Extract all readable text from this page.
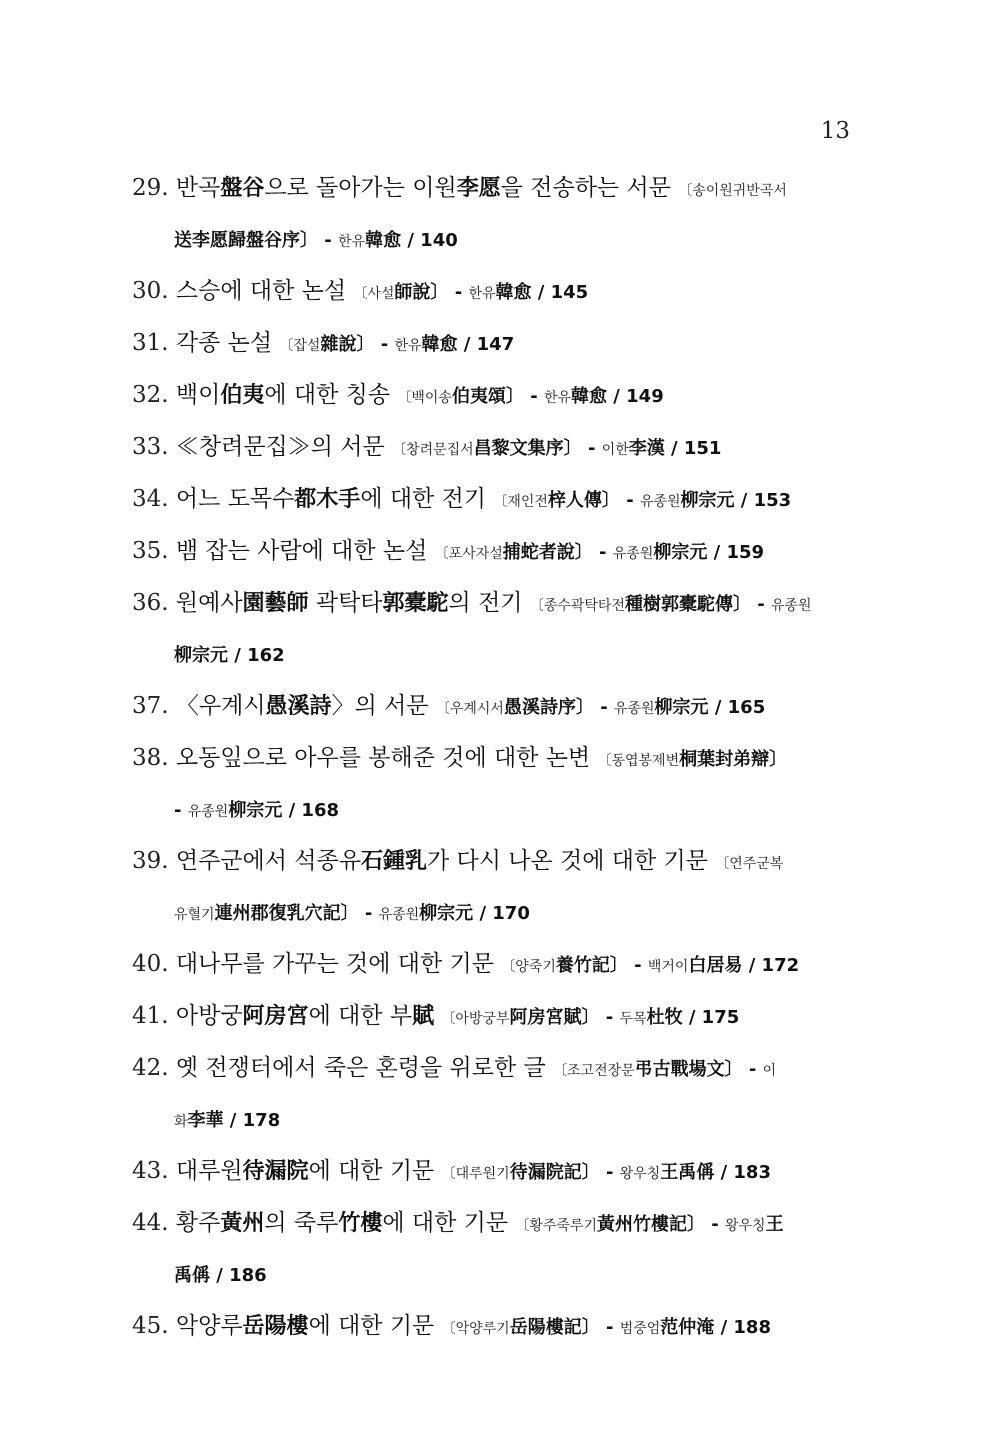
13
29. 반곡盤谷으로 돌아가는 이원李愿을 전송하는 서문 〔송이원귀반곡서
送李愿歸盤谷序〕 - 한유韓愈 / 140
30. 스승에 대한 논설 〔사설師說〕 - 한유韓愈 / 145
31. 각종 논설 〔잡설雜說〕 - 한유韓愈 / 147
32. 백이伯夷에 대한 칭송 〔백이송伯夷頌〕 - 한유韓愈 / 149
33. ≪창려문집≫의 서문 〔창려문집서昌黎文集序〕 - 이한李漢 / 151
34. 어느 도목수都木手에 대한 전기 〔재인전梓人傳〕 - 유종원柳宗元 / 153
35. 뱀 잡는 사람에 대한 논설 〔포사자설捕蛇者說〕 - 유종원柳宗元 / 159
36. 원예사園藝師 곽탁타郭橐駝의 전기 〔종수곽탁타전種樹郭橐駝傳〕 - 유종원
柳宗元 / 162
37. 〈우계시愚溪詩〉의 서문 〔우계시서愚溪詩序〕 - 유종원柳宗元 / 165
38. 오동잎으로 아우를 봉해준 것에 대한 논변 〔동엽봉제변桐葉封弟辯〕
- 유종원柳宗元 / 168
39. 연주군에서 석종유石鍾乳가 다시 나온 것에 대한 기문 〔연주군복
유혈기連州郡復乳穴記〕 - 유종원柳宗元 / 170
40. 대나무를 가꾸는 것에 대한 기문 〔양죽기養竹記〕 - 백거이白居易 / 172
41. 아방궁阿房宮에 대한 부賦 〔아방궁부阿房宮賦〕 - 두목杜牧 / 175
42. 옛 전쟁터에서 죽은 혼령을 위로한 글 〔조고전장문弔古戰場文〕 - 이
화李華 / 178
43. 대루원待漏院에 대한 기문 〔대루원기待漏院記〕 - 왕우칭王禹偁 / 183
44. 황주黃州의 죽루竹樓에 대한 기문 〔황주죽루기黃州竹樓記〕 - 왕우칭王
禹偁 / 186
45. 악양루岳陽樓에 대한 기문 〔악양루기岳陽樓記〕 - 범중엄范仲淹 / 188
